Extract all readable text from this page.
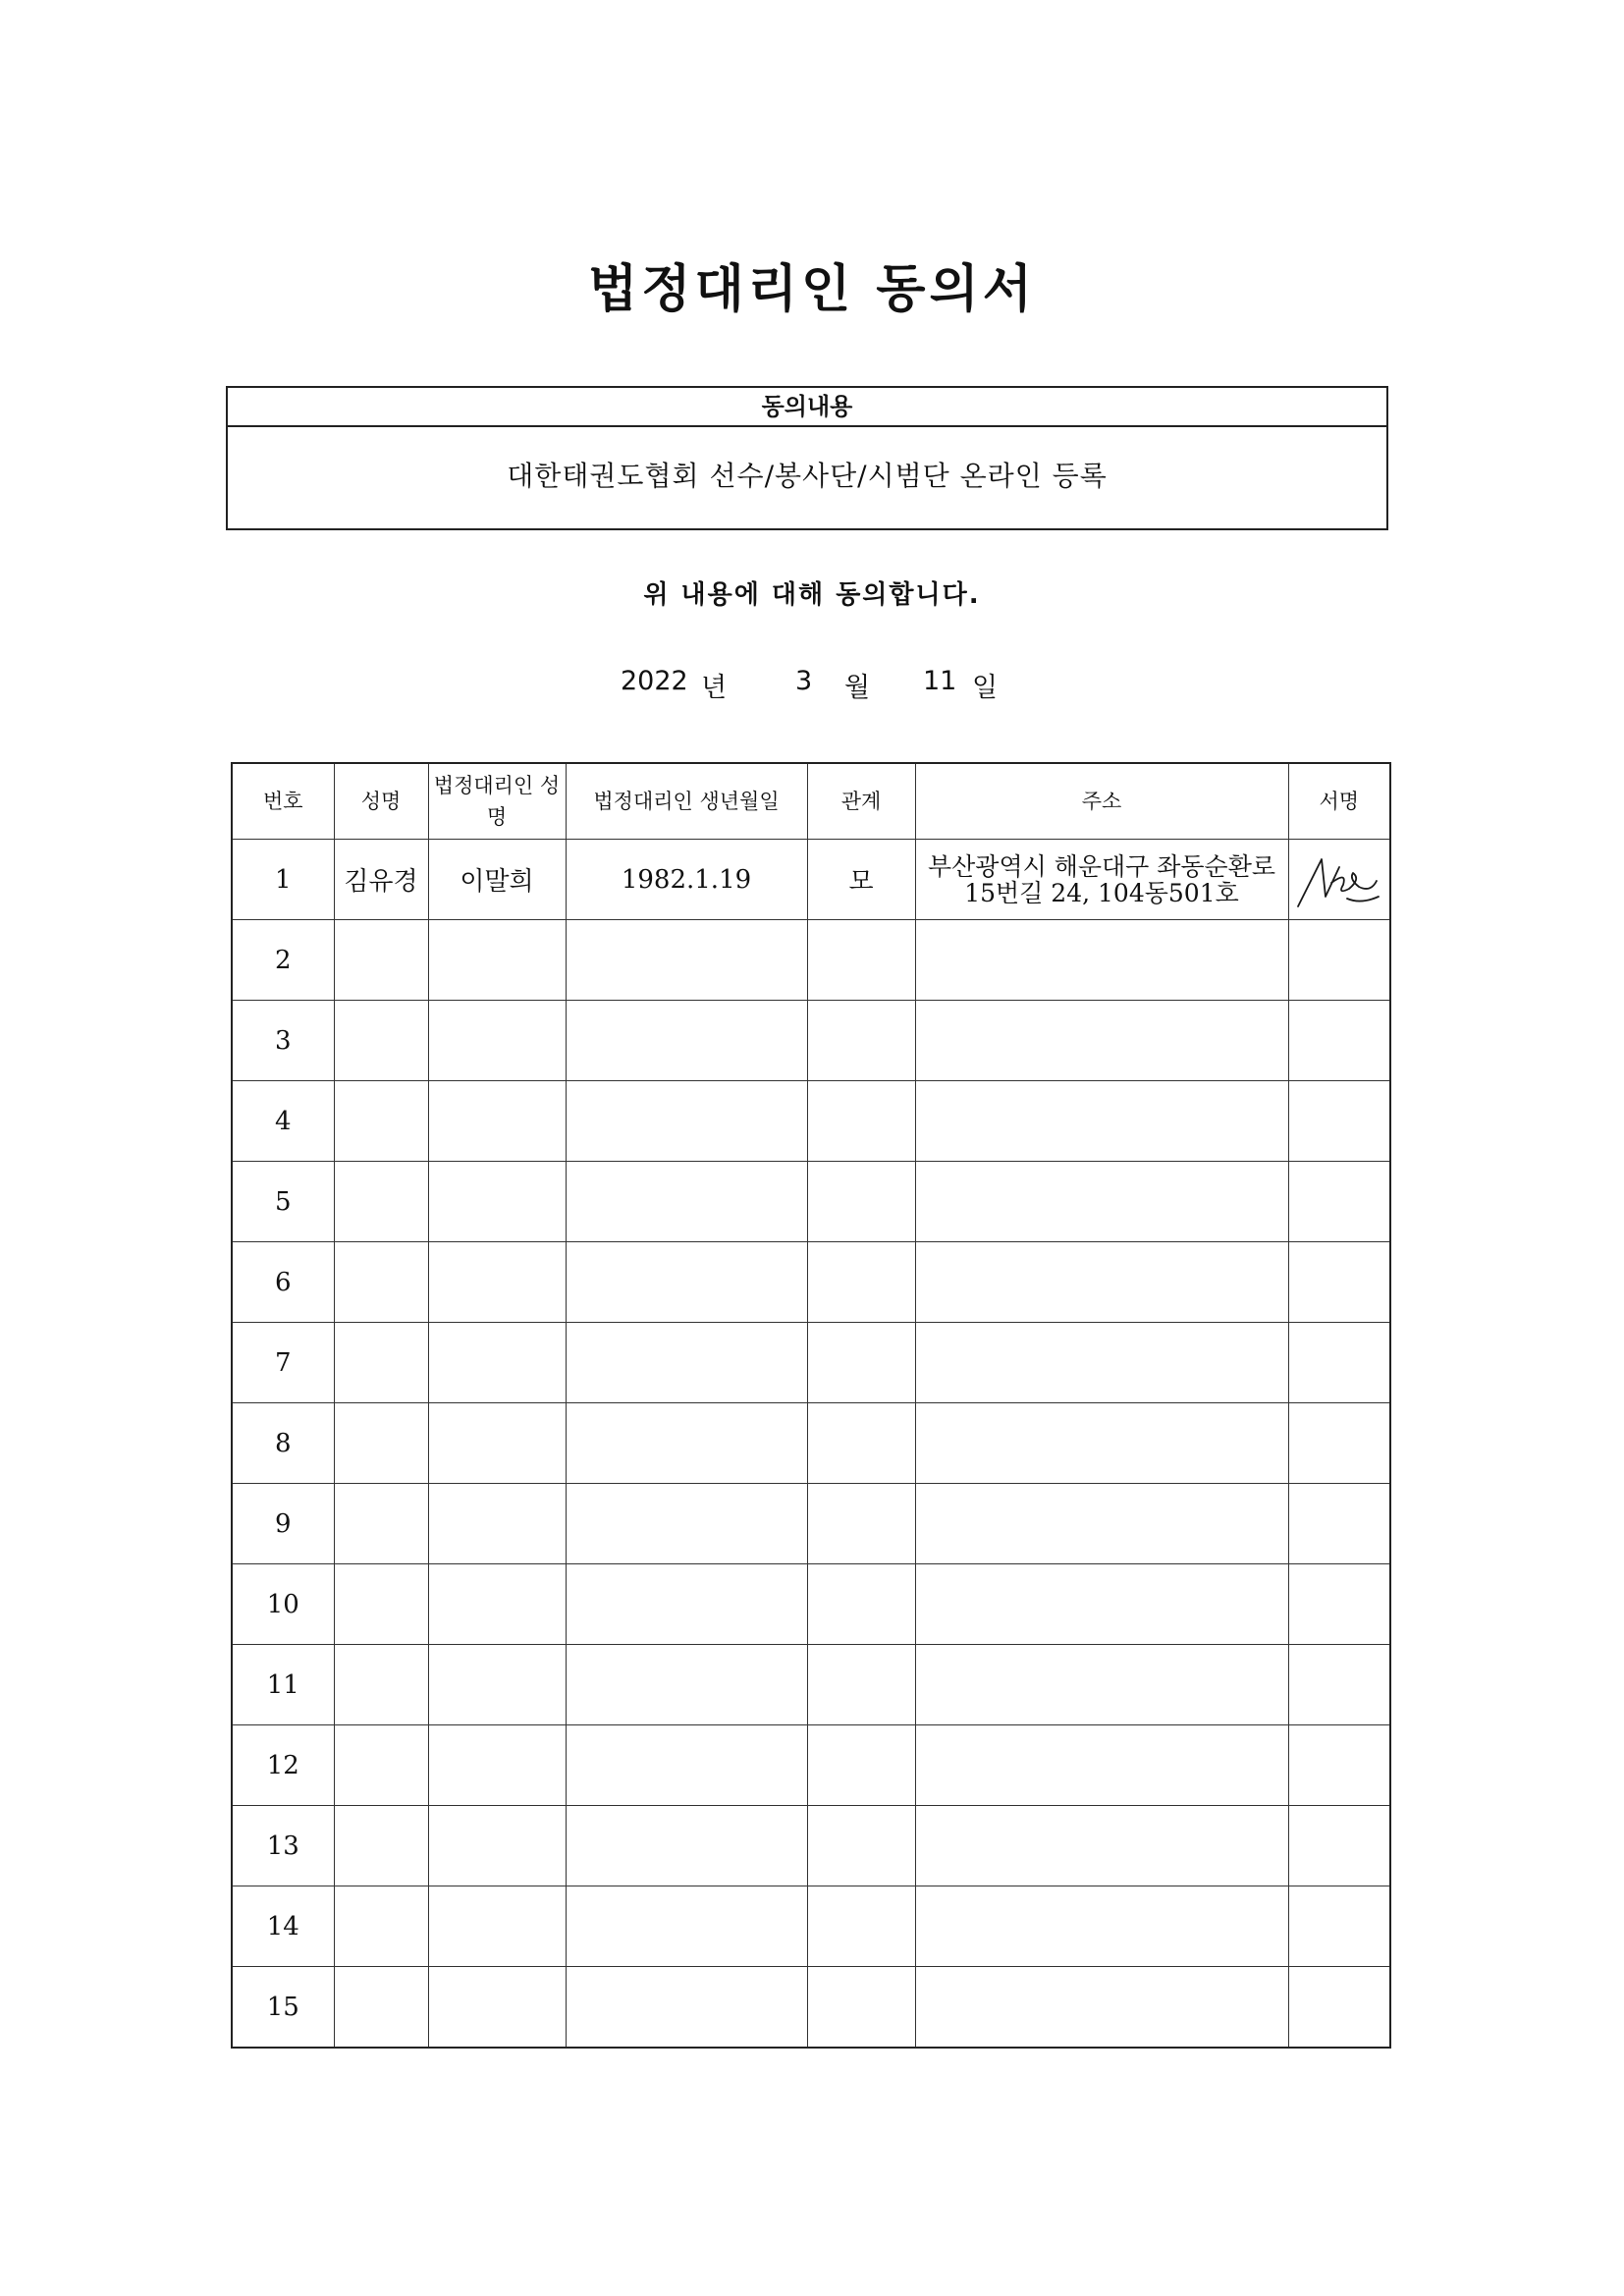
법정대리인 동의서
동의내용
대한태권도협회 선수/봉사단/시범단 온라인 등록
위 내용에 대해 동의합니다.
2022 년	3 월 11 일
번호	성명	법정대리인 성명	법정대리인 생년월일	관계	주소	서명
1	김유경	이말희	1982.1.19	모	부산광역시 해운대구 좌동순환로 15번길 24, 104동501호	

2						
3						
4						
5						
6						
7						
8						
9						
10						
11						
12						
13						
14						
15						
